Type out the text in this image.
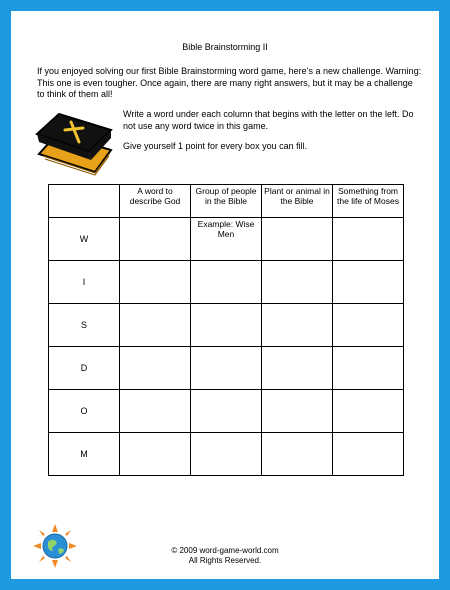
Bible Brainstorming II
If you enjoyed solving our first Bible Brainstorming word game, here’s a new challenge. Warning: This one is even tougher. Once again, there are many right answers, but it may be a challenge to think of them all!

Write a word under each column that begins with the letter on the left. Do not use any word twice in this game.

Give yourself 1 point for every box you can fill.

	A word to describe God	Group of people in the Bible	Plant or animal in the Bible	Something from the life of Moses
W		Example: Wise Men		
I				
S				
D				
O				
M				
© 2009 word-game-world.com
All Rights Reserved.
